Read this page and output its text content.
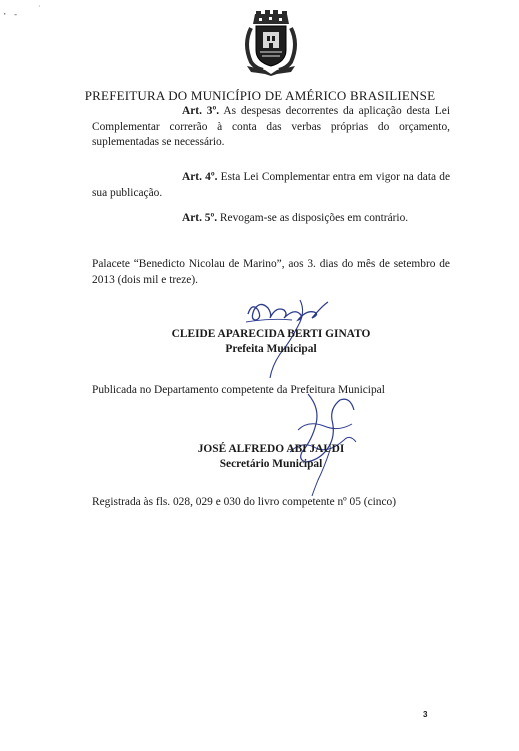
· -
·
PREFEITURA DO MUNICÍPIO DE AMÉRICO BRASILIENSE

Art. 3º. As despesas decorrentes da aplicação desta Lei Complementar correrão à conta das verbas próprias do orçamento, suplementadas se necessário.

Art. 4º. Esta Lei Complementar entra em vigor na data de sua publicação.

Art. 5º. Revogam-se as disposições em contrário.

Palacete “Benedicto Nicolau de Marino”, aos 3. dias do mês de setembro de 2013 (dois mil e treze).

CLEIDE APARECIDA BERTI GINATO
Prefeita Municipal

Publicada no Departamento competente da Prefeitura Municipal

JOSÉ ALFREDO ABI JAUDI
Secretário Municipal

Registrada às fls. 028, 029 e 030 do livro competente nº 05 (cinco)

3
